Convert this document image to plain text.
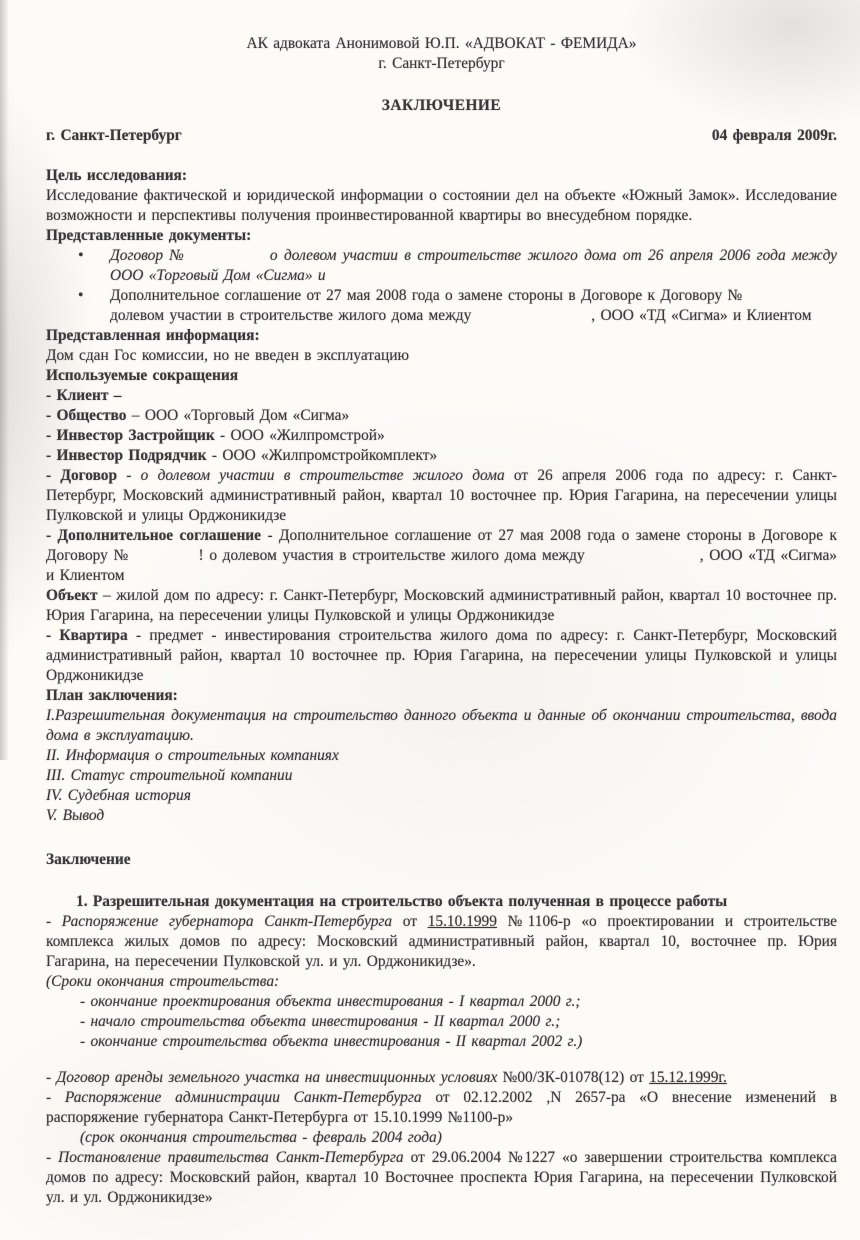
АК адвоката Анонимовой Ю.П. «АДВОКАТ - ФЕМИДА»
г. Санкт-Петербург
ЗАКЛЮЧЕНИЕ
г. Санкт-Петербург	04 февраля 2009г.
Цель исследования:
Исследование фактической и юридической информации о состоянии дел на объекте «Южный Замок». Исследование возможности и перспективы получения проинвестированной квартиры во внесудебном порядке.
Представленные документы:
• Договор №	о долевом участии в строительстве жилого дома от 26 апреля 2006 года между ООО «Торговый Дом «Сигма» и
• Дополнительное соглашение от 27 мая 2008 года о замене стороны в Договоре к Договору №
долевом участии в строительстве жилого дома между	, ООО «ТД «Сигма» и Клиентом
Представленная информация:
Дом сдан Гос комиссии, но не введен в эксплуатацию
Используемые сокращения
- Клиент –
- Общество – ООО «Торговый Дом «Сигма»
- Инвестор Застройщик - ООО «Жилпромстрой»
- Инвестор Подрядчик - ООО «Жилпромстройкомплект»
- Договор - о долевом участии в строительстве жилого дома от 26 апреля 2006 года по адресу: г. Санкт-Петербург, Московский административный район, квартал 10 восточнее пр. Юрия Гагарина, на пересечении улицы Пулковской и улицы Орджоникидзе
- Дополнительное соглашение - Дополнительное соглашение от 27 мая 2008 года о замене стороны в Договоре к Договору №	! о долевом участия в строительстве жилого дома между	, ООО «ТД «Сигма» и Клиентом
Объект – жилой дом по адресу: г. Санкт-Петербург, Московский административный район, квартал 10 восточнее пр. Юрия Гагарина, на пересечении улицы Пулковской и улицы Орджоникидзе
- Квартира - предмет - инвестирования строительства жилого дома по адресу: г. Санкт-Петербург, Московский административный район, квартал 10 восточнее пр. Юрия Гагарина, на пересечении улицы Пулковской и улицы Орджоникидзе
План заключения:
I.Разрешительная документация на строительство данного объекта и данные об окончании строительства, ввода дома в эксплуатацию.
II. Информация о строительных компаниях
III. Статус строительной компании
IV. Судебная история
V. Вывод
Заключение
1. Разрешительная документация на строительство объекта полученная в процессе работы
- Распоряжение губернатора Санкт-Петербурга от 15.10.1999 №1106-р «о проектировании и строительстве комплекса жилых домов по адресу: Московский административный район, квартал 10, восточнее пр. Юрия Гагарина, на пересечении Пулковской ул. и ул. Орджоникидзе».
(Сроки окончания строительства:
- окончание проектирования объекта инвестирования - I квартал 2000 г.;
- начало строительства объекта инвестирования - II квартал 2000 г.;
- окончание строительства объекта инвестирования - II квартал 2002 г.)
- Договор аренды земельного участка на инвестиционных условиях №00/ЗК-01078(12) от 15.12.1999г.
- Распоряжение администрации Санкт-Петербурга от 02.12.2002 ,N 2657-ра «О внесение изменений в распоряжение губернатора Санкт-Петербурга от 15.10.1999 №1100-р»
(срок окончания строительства - февраль 2004 года)
- Постановление правительства Санкт-Петербурга от 29.06.2004 №1227 «о завершении строительства комплекса домов по адресу: Московский район, квартал 10 Восточнее проспекта Юрия Гагарина, на пересечении Пулковской ул. и ул. Орджоникидзе»
